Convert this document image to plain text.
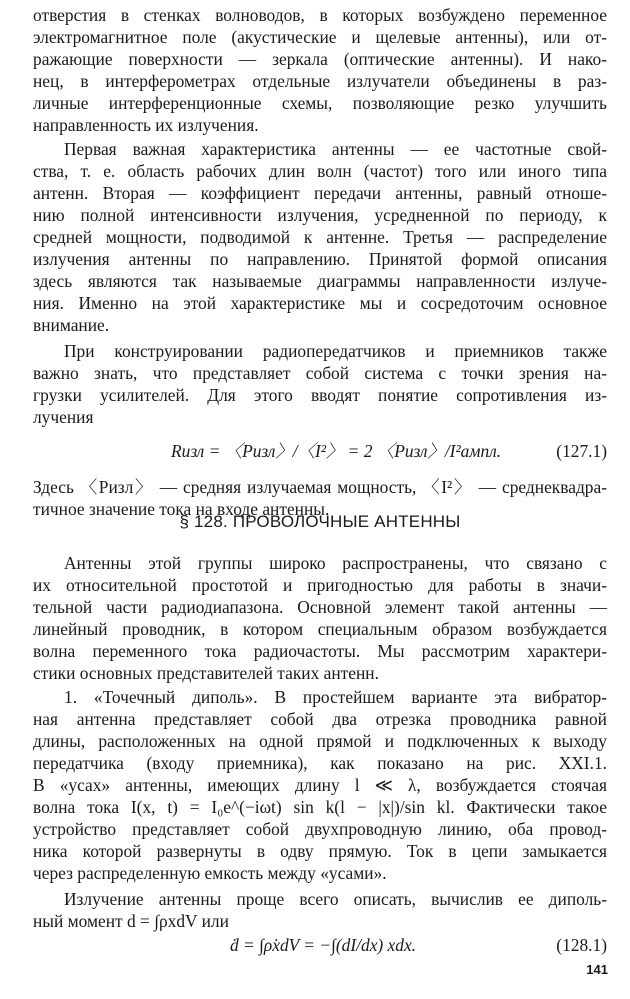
отверстия в стенках волноводов, в которых возбуждено переменное
электромагнитное поле (акустические и щелевые антенны), или от-
ражающие поверхности — зеркала (оптические антенны). И нако-
нец, в интерферометрах отдельные излучатели объединены в раз-
личные интерференционные схемы, позволяющие резко улучшить
направленность их излучения.
Первая важная характеристика антенны — ее частотные свой-
ства, т. е. область рабочих длин волн (частот) того или иного типа
антенн. Вторая — коэффициент передачи антенны, равный отноше-
нию полной интенсивности излучения, усредненной по периоду, к
средней мощности, подводимой к антенне. Третья — распределение
излучения антенны по направлению. Принятой формой описания
здесь являются так называемые диаграммы направленности излуче-
ния. Именно на этой характеристике мы и сосредоточим основное
внимание.
При конструировании радиопередатчиков и приемников также
важно знать, что представляет собой система с точки зрения на-
грузки усилителей. Для этого вводят понятие сопротивления из-
лучения
Rизл = 〈Pизл〉/〈I²〉 = 2 〈Pизл〉/I²ампл.	(127.1)
Здесь 〈Pизл〉 — средняя излучаемая мощность, 〈I²〉 — среднеквадра-
тичное значение тока на входе антенны.
§ 128. ПРОВОЛОЧНЫЕ АНТЕННЫ
Антенны этой группы широко распространены, что связано с
их относительной простотой и пригодностью для работы в значи-
тельной части радиодиапазона. Основной элемент такой антенны —
линейный проводник, в котором специальным образом возбуждается
волна переменного тока радиочастоты. Мы рассмотрим характери-
стики основных представителей таких антенн.
1. «Точечный диполь». В простейшем варианте эта вибратор-
ная антенна представляет собой два отрезка проводника равной
длины, расположенных на одной прямой и подключенных к выходу
передатчика (входу приемника), как показано на рис. XXI.1.
В «усах» антенны, имеющих длину l ≪ λ, возбуждается стоячая
волна тока I(x, t) = I₀e^(−iωt) sin k(l − |x|)/sin kl. Фактически такое
устройство представляет собой двухпроводную линию, оба провод-
ника которой развернуты в одву прямую. Ток в цепи замыкается
через распределенную емкость между «усами».
Излучение антенны проще всего описать, вычислив ее диполь-
ный момент d = ∫ρxdV или
ḋ = ∫ρ̇xdV = −∫(dI/dx) xdx.	(128.1)
141
